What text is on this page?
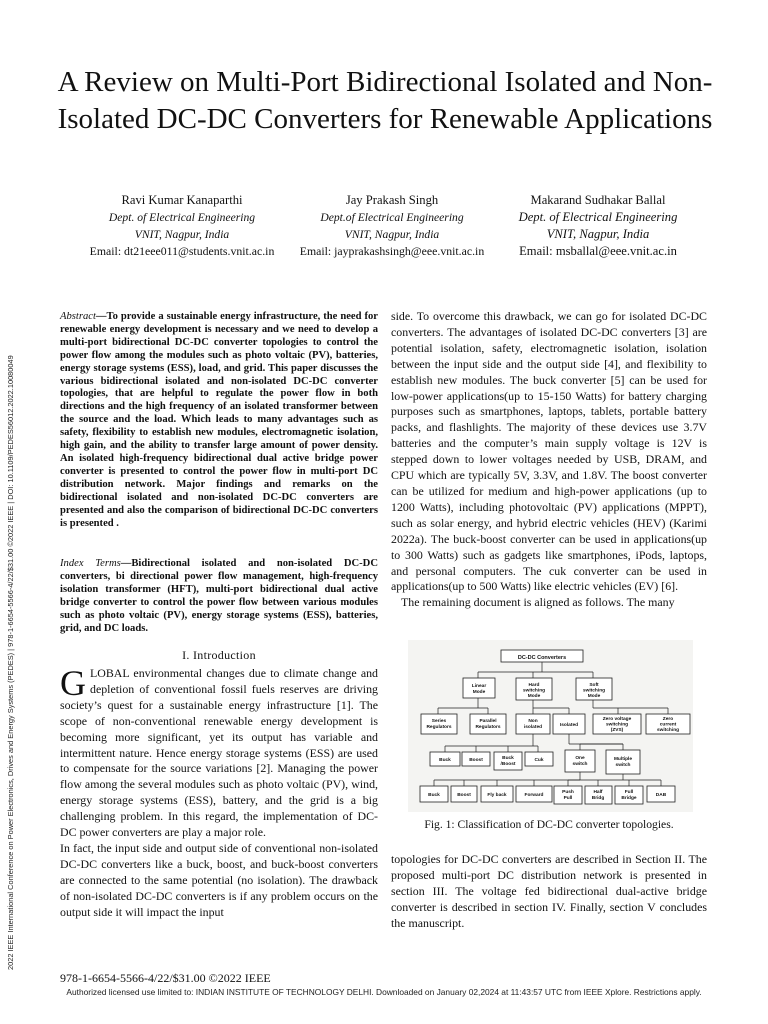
2022 IEEE International Conference on Power Electronics, Drives and Energy Systems (PEDES) | 978-1-6654-5566-4/22/$31.00 ©2022 IEEE | DOI: 10.1109/PEDES56012.2022.10080049
A Review on Multi-Port Bidirectional Isolated and Non-Isolated DC-DC Converters for Renewable Applications
Ravi Kumar Kanaparthi
Dept. of Electrical Engineering
VNIT, Nagpur, India
Email: dt21eee011@students.vnit.ac.in
Jay Prakash Singh
Dept.of Electrical Engineering
VNIT, Nagpur, India
Email: jayprakashsingh@eee.vnit.ac.in
Makarand Sudhakar Ballal
Dept. of Electrical Engineering
VNIT, Nagpur, India
Email: msballal@eee.vnit.ac.in
Abstract—To provide a sustainable energy infrastructure, the need for renewable energy development is necessary and we need to develop a multi-port bidirectional DC-DC converter topologies to control the power flow among the modules such as photo voltaic (PV), batteries, energy storage systems (ESS), load, and grid. This paper discusses the various bidirectional isolated and non-isolated DC-DC converter topologies, that are helpful to regulate the power flow in both directions and the high frequency of an isolated transformer between the source and the load. Which leads to many advantages such as safety, flexibility to establish new modules, electromagnetic isolation, high gain, and the ability to transfer large amount of power density. An isolated high-frequency bidirectional dual active bridge power converter is presented to control the power flow in multi-port DC distribution network. Major findings and remarks on the bidirectional isolated and non-isolated DC-DC converters are presented and also the comparison of bidirectional DC-DC converters is presented .
Index Terms—Bidirectional isolated and non-isolated DC-DC converters, bi directional power flow management, high-frequency isolation transformer (HFT), multi-port bidirectional dual active bridge converter to control the power flow between various modules such as photo voltaic (PV), energy storage systems (ESS), batteries, grid, and DC loads.
I. Introduction

GLOBAL environmental changes due to climate change and depletion of conventional fossil fuels reserves are driving society’s quest for a sustainable energy infrastructure [1]. The scope of non-conventional renewable energy development is becoming more significant, yet its output has variable and intermittent nature. Hence energy storage systems (ESS) are used to compensate for the source variations [2]. Managing the power flow among the several modules such as photo voltaic (PV), wind, energy storage systems (ESS), battery, and the grid is a big challenging problem. In this regard, the implementation of DC-DC power converters are play a major role.

In fact, the input side and output side of conventional non-isolated DC-DC converters like a buck, boost, and buck-boost converters are connected to the same potential (no isolation). The drawback of non-isolated DC-DC converters is if any problem occurs on the output side it will impact the input

side. To overcome this drawback, we can go for isolated DC-DC converters. The advantages of isolated DC-DC converters [3] are potential isolation, safety, electromagnetic isolation, isolation between the input side and the output side [4], and flexibility to establish new modules. The buck converter [5] can be used for low-power applications(up to 15-150 Watts) for battery charging purposes such as smartphones, laptops, tablets, portable battery packs, and flashlights. The majority of these devices use 3.7V batteries and the computer’s main supply voltage is 12V is stepped down to lower voltages needed by USB, DRAM, and CPU which are typically 5V, 3.3V, and 1.8V. The boost converter can be utilized for medium and high-power applications (up to 1200 Watts), including photovoltaic (PV) applications (MPPT), such as solar energy, and hybrid electric vehicles (HEV) (Karimi 2022a). The buck-boost converter can be used in applications(up to 300 Watts) such as gadgets like smartphones, iPods, laptops, and personal computers. The cuk converter can be used in applications(up to 500 Watts) like electric vehicles (EV) [6].

The remaining document is aligned as follows. The many

DC-DC Converters
Linear Mode
Hard switching Mode
Soft switching Mode
Series Regulators
Parallel Regulators
Non isolated	Isolated
Zero voltage switching (ZVS)
Zero current switching
Buck	Boost	Buck /Boost
Cuk	One switch
Multiple switch
Buck	Boost	Fly back	Forward
Push Pull
Half Bridg
Full Bridge
DAB
Fig. 1: Classification of DC-DC converter topologies.

topologies for DC-DC converters are described in Section II. The proposed multi-port DC distribution network is presented in section III. The voltage fed bidirectional dual-active bridge converter is described in section IV. Finally, section V concludes the manuscript.

978-1-6654-5566-4/22/$31.00 ©2022 IEEE
Authorized licensed use limited to: INDIAN INSTITUTE OF TECHNOLOGY DELHI. Downloaded on January 02,2024 at 11:43:57 UTC from IEEE Xplore. Restrictions apply.
